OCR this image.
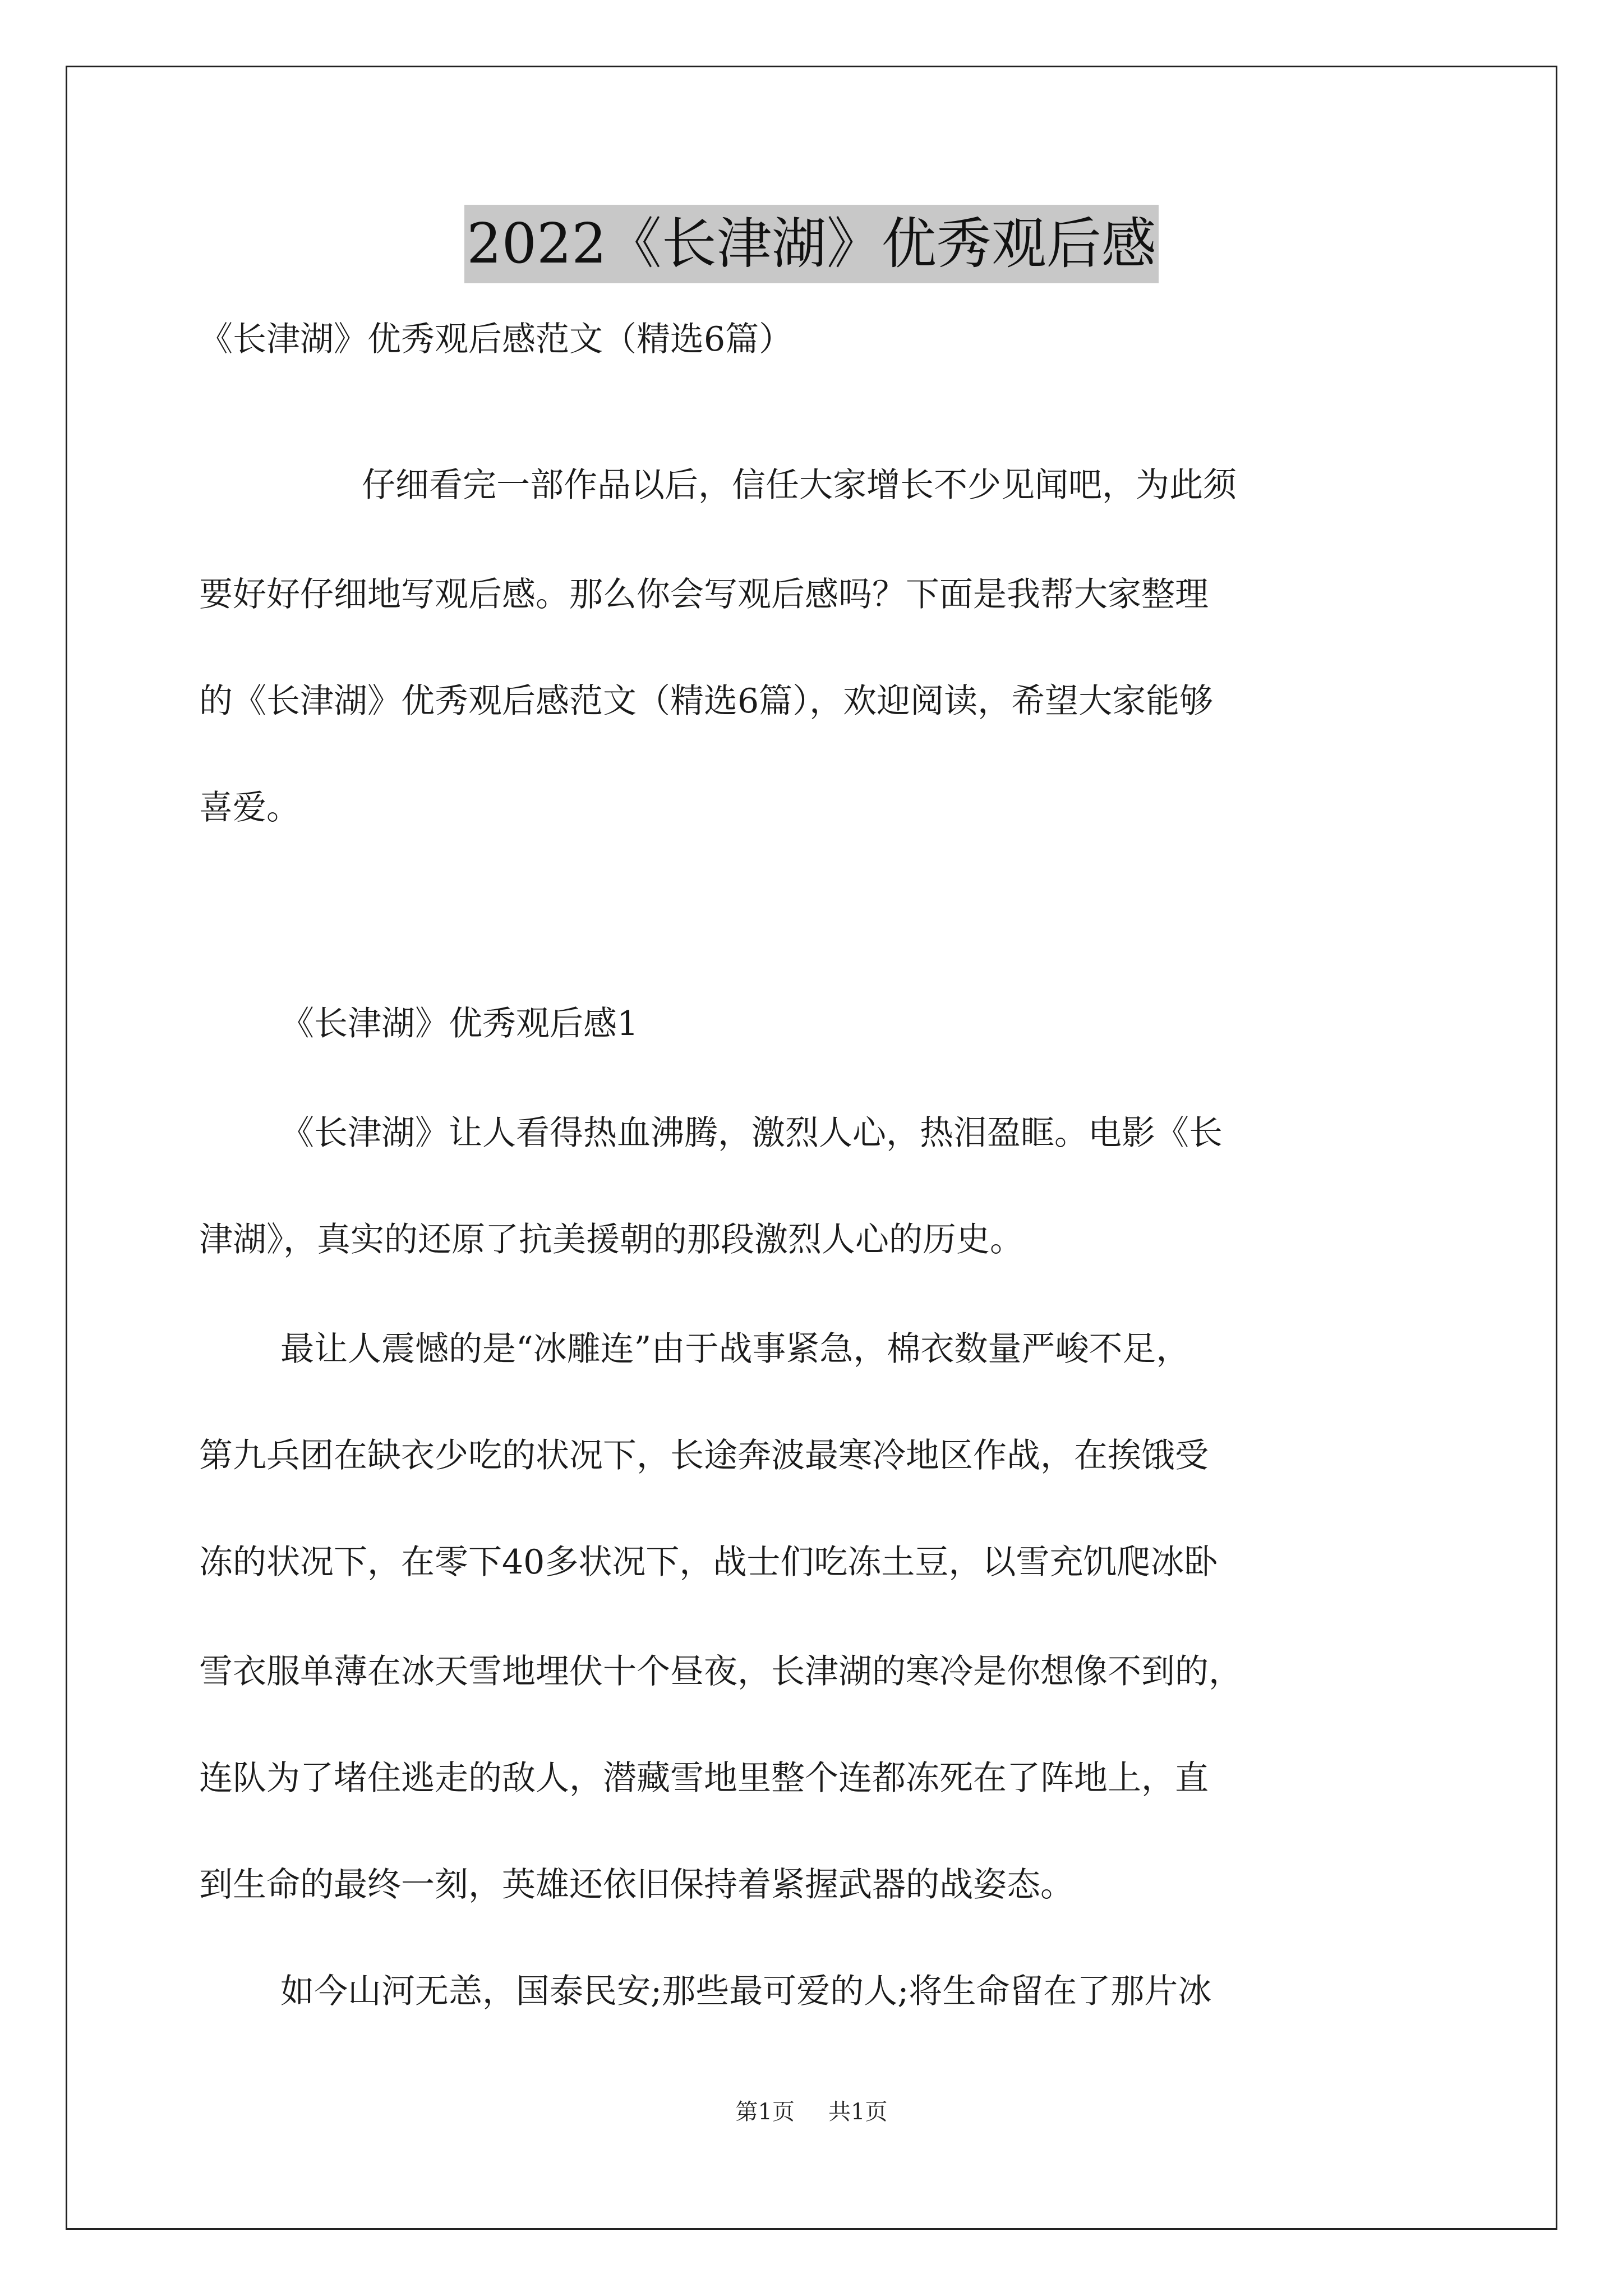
2022《长津湖》优秀观后感
《长津湖》优秀观后感范文（精选6篇）
仔细看完一部作品以后，信任大家增长不少见闻吧，为此须
要好好仔细地写观后感。那么你会写观后感吗？下面是我帮大家整理
的《长津湖》优秀观后感范文（精选6篇），欢迎阅读，希望大家能够
喜爱。
《长津湖》优秀观后感1
《长津湖》让人看得热血沸腾，激烈人心，热泪盈眶。电影《长
津湖》，真实的还原了抗美援朝的那段激烈人心的历史。
最让人震憾的是“冰雕连”由于战事紧急，棉衣数量严峻不足，
第九兵团在缺衣少吃的状况下，长途奔波最寒冷地区作战，在挨饿受
冻的状况下，在零下40多状况下，战士们吃冻土豆，以雪充饥爬冰卧
雪衣服单薄在冰天雪地埋伏十个昼夜，长津湖的寒冷是你想像不到的，
连队为了堵住逃走的敌人，潜藏雪地里整个连都冻死在了阵地上，直
到生命的最终一刻，英雄还依旧保持着紧握武器的战姿态。
如今山河无恙，国泰民安;那些最可爱的人;将生命留在了那片冰
第1页 共1页
